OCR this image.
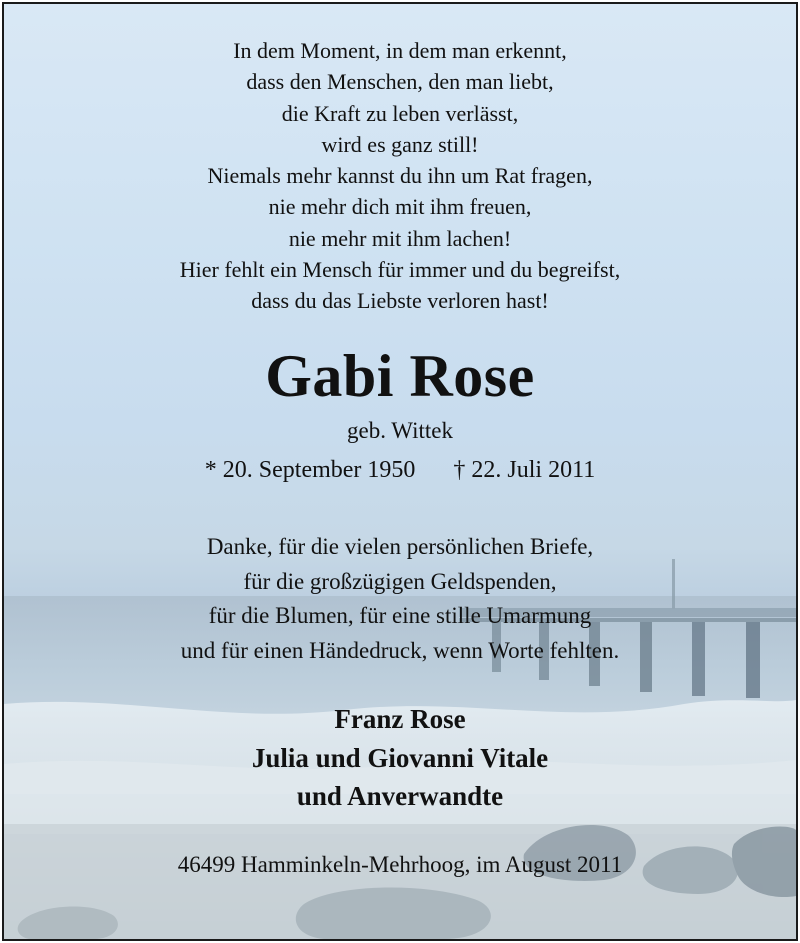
In dem Moment, in dem man erkennt,
dass den Menschen, den man liebt,
die Kraft zu leben verlässt,
wird es ganz still!
Niemals mehr kannst du ihn um Rat fragen,
nie mehr dich mit ihm freuen,
nie mehr mit ihm lachen!
Hier fehlt ein Mensch für immer und du begreifst,
dass du das Liebste verloren hast!
Gabi Rose
geb. Wittek
* 20. September 1950 † 22. Juli 2011
Danke, für die vielen persönlichen Briefe,
für die großzügigen Geldspenden,
für die Blumen, für eine stille Umarmung
und für einen Händedruck, wenn Worte fehlten.
Franz Rose
Julia und Giovanni Vitale
und Anverwandte
46499 Hamminkeln-Mehrhoog, im August 2011
